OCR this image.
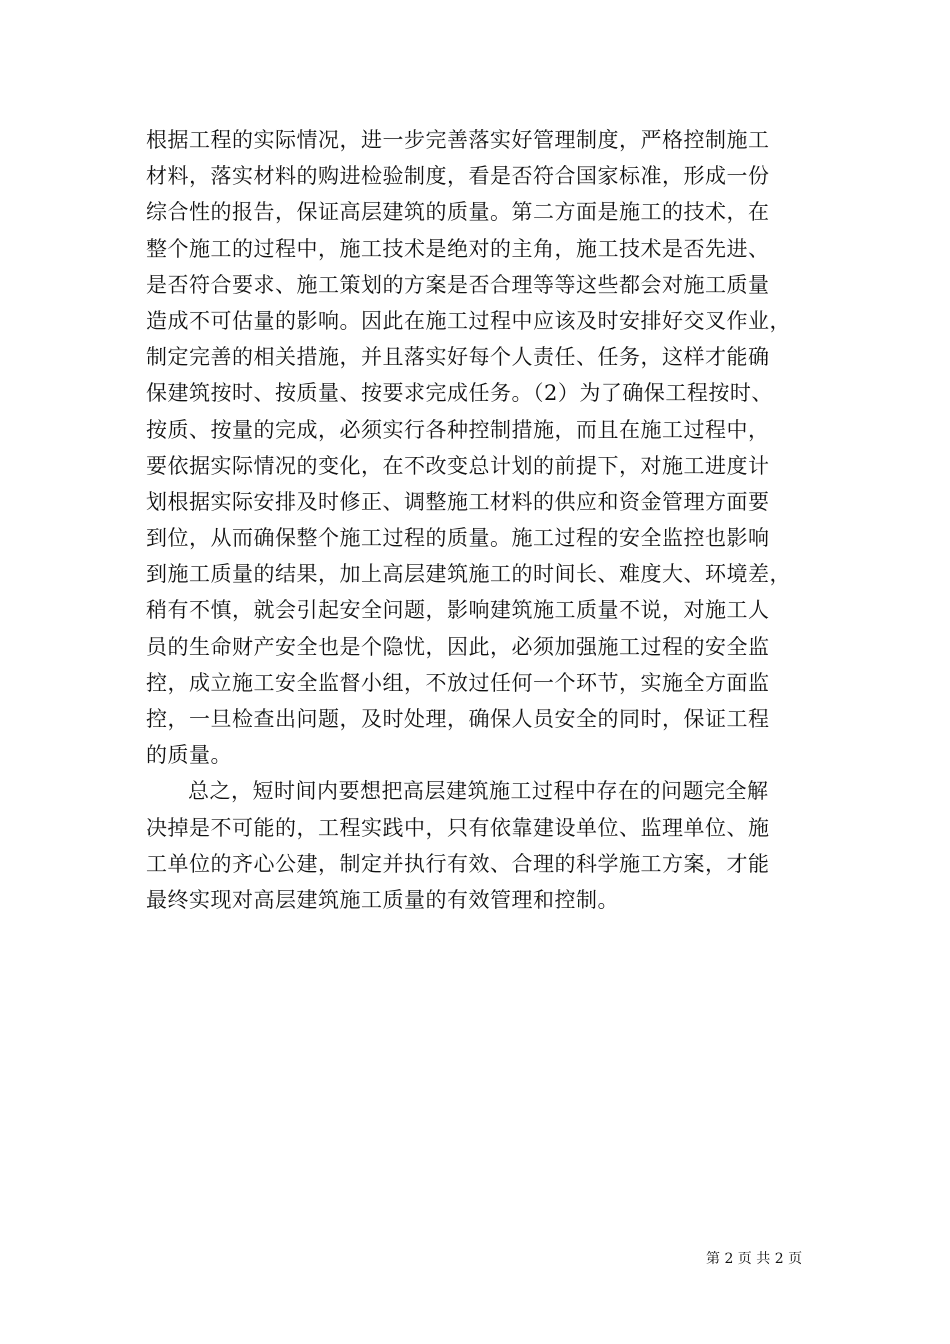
根据工程的实际情况，进一步完善落实好管理制度，严格控制施工
材料，落实材料的购进检验制度，看是否符合国家标准，形成一份
综合性的报告，保证高层建筑的质量。第二方面是施工的技术，在
整个施工的过程中，施工技术是绝对的主角，施工技术是否先进、
是否符合要求、施工策划的方案是否合理等等这些都会对施工质量
造成不可估量的影响。因此在施工过程中应该及时安排好交叉作业，
制定完善的相关措施，并且落实好每个人责任、任务，这样才能确
保建筑按时、按质量、按要求完成任务。（2）为了确保工程按时、
按质、按量的完成，必须实行各种控制措施，而且在施工过程中，
要依据实际情况的变化，在不改变总计划的前提下，对施工进度计
划根据实际安排及时修正、调整施工材料的供应和资金管理方面要
到位，从而确保整个施工过程的质量。施工过程的安全监控也影响
到施工质量的结果，加上高层建筑施工的时间长、难度大、环境差，
稍有不慎，就会引起安全问题，影响建筑施工质量不说，对施工人
员的生命财产安全也是个隐忧，因此，必须加强施工过程的安全监
控，成立施工安全监督小组，不放过任何一个环节，实施全方面监
控，一旦检查出问题，及时处理，确保人员安全的同时，保证工程
的质量。
总之，短时间内要想把高层建筑施工过程中存在的问题完全解
决掉是不可能的，工程实践中，只有依靠建设单位、监理单位、施
工单位的齐心公建，制定并执行有效、合理的科学施工方案，才能
最终实现对高层建筑施工质量的有效管理和控制。
第 2 页 共 2 页
